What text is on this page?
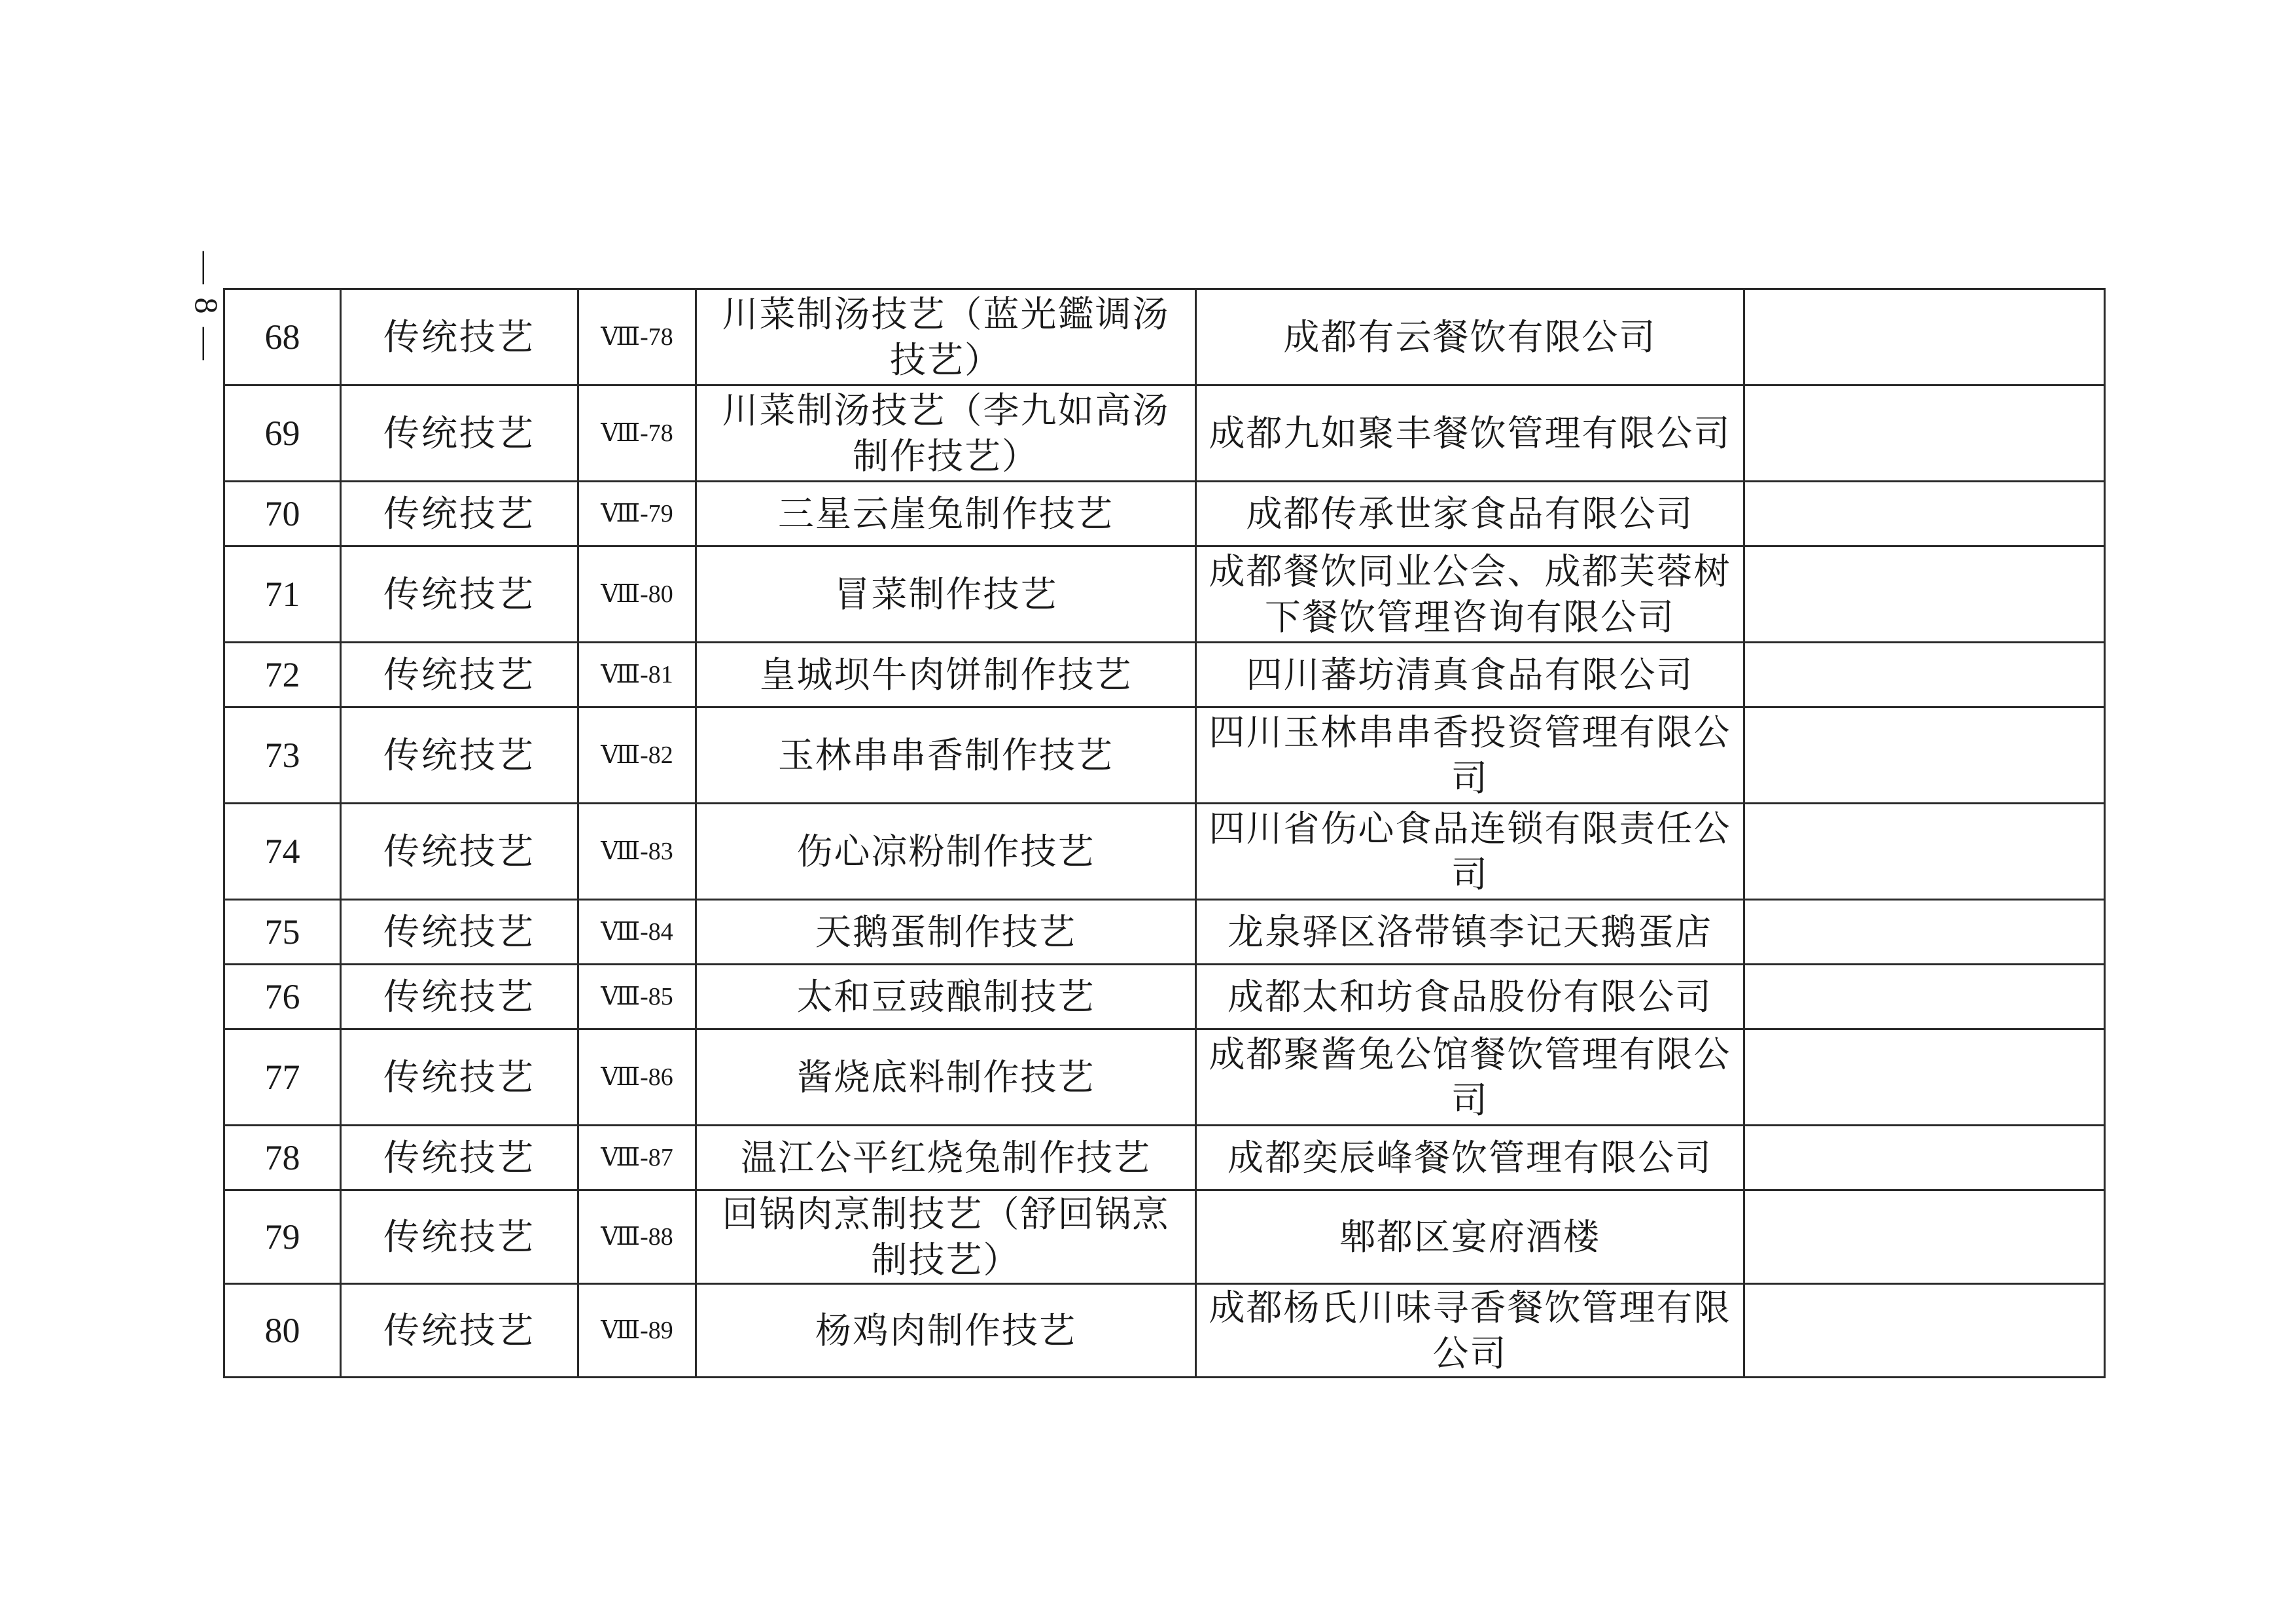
— 8 — 68	传统技艺	Ⅷ-78	川菜制汤技艺（蓝光鑑调汤技艺）	成都有云餐饮有限公司	
69	传统技艺	Ⅷ-78	川菜制汤技艺（李九如高汤制作技艺）	成都九如聚丰餐饮管理有限公司	
70	传统技艺	Ⅷ-79	三星云崖兔制作技艺	成都传承世家食品有限公司	
71	传统技艺	Ⅷ-80	冒菜制作技艺	成都餐饮同业公会、成都芙蓉树下餐饮管理咨询有限公司	
72	传统技艺	Ⅷ-81	皇城坝牛肉饼制作技艺	四川蕃坊清真食品有限公司	
73	传统技艺	Ⅷ-82	玉林串串香制作技艺	四川玉林串串香投资管理有限公司	
74	传统技艺	Ⅷ-83	伤心凉粉制作技艺	四川省伤心食品连锁有限责任公司	
75	传统技艺	Ⅷ-84	天鹅蛋制作技艺	龙泉驿区洛带镇李记天鹅蛋店	
76	传统技艺	Ⅷ-85	太和豆豉酿制技艺	成都太和坊食品股份有限公司	
77	传统技艺	Ⅷ-86	酱烧底料制作技艺	成都聚酱兔公馆餐饮管理有限公司	
78	传统技艺	Ⅷ-87	温江公平红烧兔制作技艺	成都奕辰峰餐饮管理有限公司	
79	传统技艺	Ⅷ-88	回锅肉烹制技艺（舒回锅烹制技艺）	郫都区宴府酒楼	
80	传统技艺	Ⅷ-89	杨鸡肉制作技艺	成都杨氏川味寻香餐饮管理有限公司	
